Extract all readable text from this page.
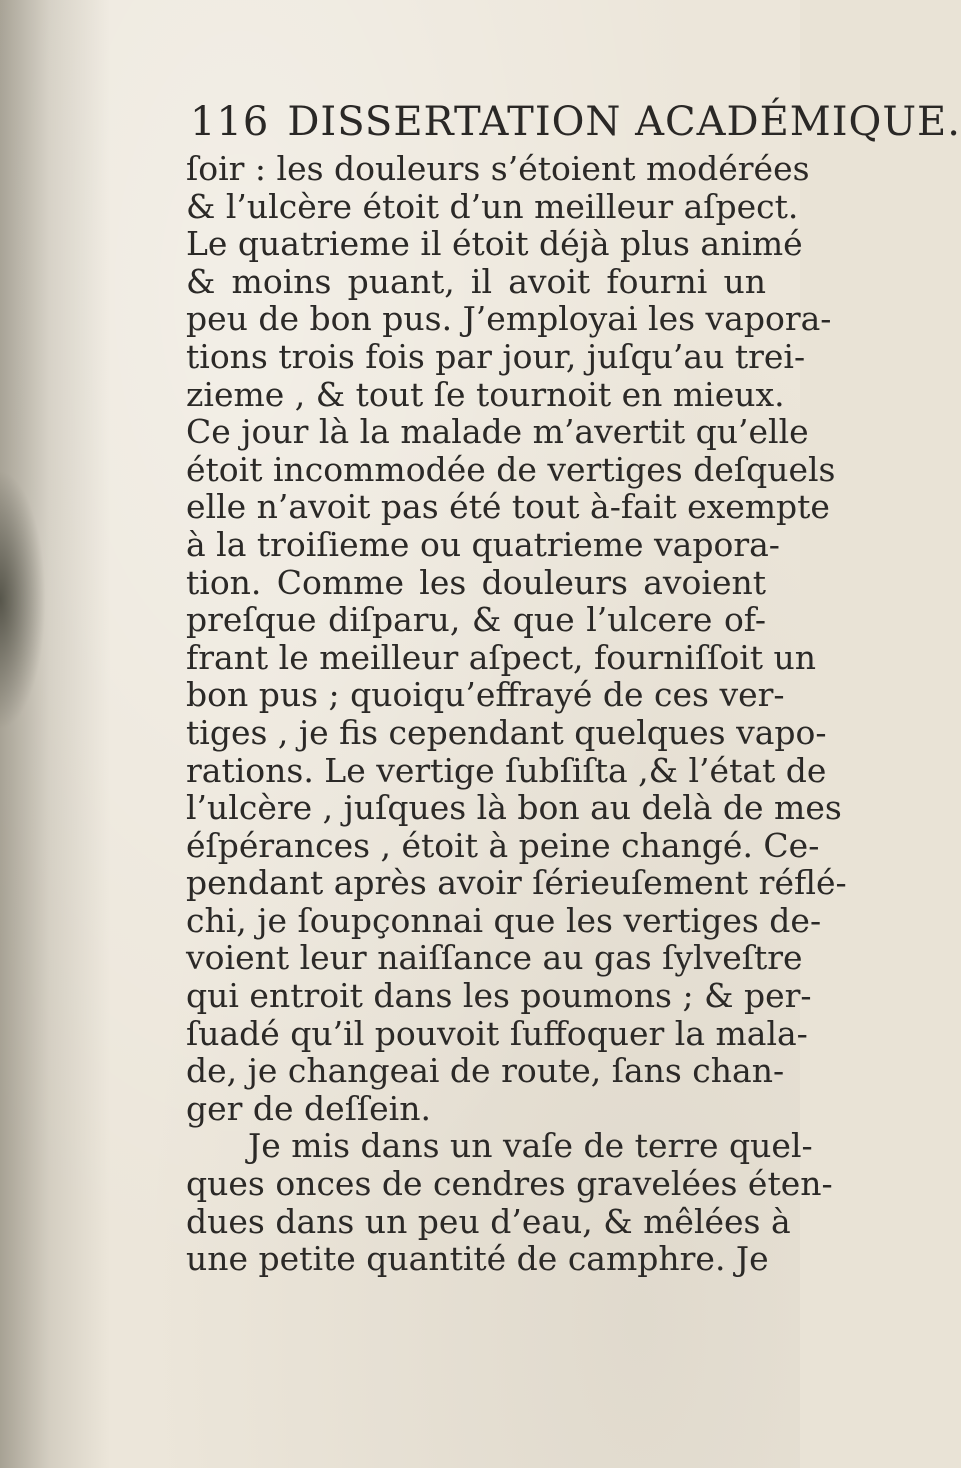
116 DISSERTATION ACADÉMIQUE.
ſoir : les douleurs s’étoient modérées
& l’ulcère étoit d’un meilleur aſpect.
Le quatrieme il étoit déjà plus animé
& moins puant, il avoit fourni un
peu de bon pus. J’employai les vapora-
tions trois fois par jour, juſqu’au trei-
zieme , & tout ſe tournoit en mieux.
Ce jour là la malade m’avertit qu’elle
étoit incommodée de vertiges deſquels
elle n’avoit pas été tout à-fait exempte
à la troiſieme ou quatrieme vapora-
tion. Comme les douleurs avoient
preſque diſparu, & que l’ulcere of-
frant le meilleur aſpect, fourniſſoit un
bon pus ; quoiqu’effrayé de ces ver-
tiges , je fis cependant quelques vapo-
rations. Le vertige ſubſiſta ,& l’état de
l’ulcère , juſques là bon au delà de mes
éſpérances , étoit à peine changé. Ce-
pendant après avoir ſérieuſement réflé-
chi, je ſoupçonnai que les vertiges de-
voient leur naiſſance au gas ſylveſtre
qui entroit dans les poumons ; & per-
ſuadé qu’il pouvoit ſuffoquer la mala-
de, je changeai de route, ſans chan-
ger de deſſein.
Je mis dans un vaſe de terre quel-
ques onces de cendres gravelées éten-
dues dans un peu d’eau, & mêlées à
une petite quantité de camphre. Je
